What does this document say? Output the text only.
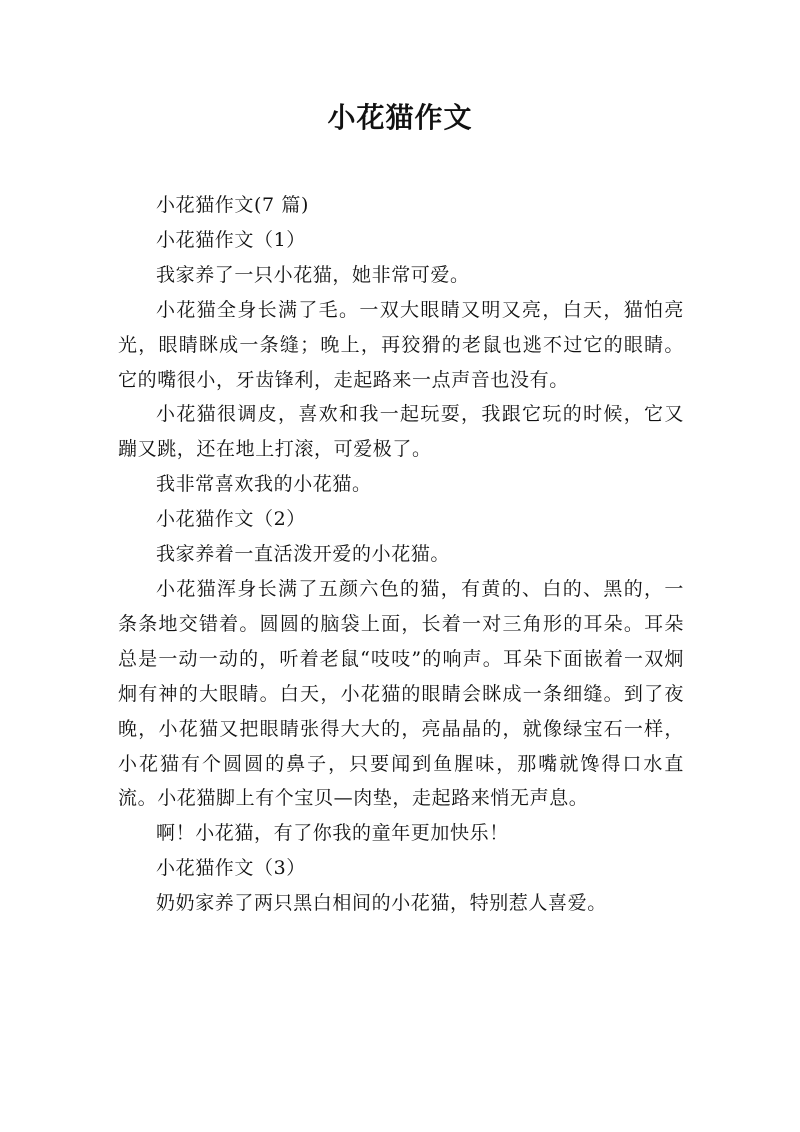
小花猫作文

小花猫作文(7 篇)

小花猫作文（1）

我家养了一只小花猫，她非常可爱。

小花猫全身长满了毛。一双大眼睛又明又亮，白天，猫怕亮光，眼睛眯成一条缝；晚上，再狡猾的老鼠也逃不过它的眼睛。它的嘴很小，牙齿锋利，走起路来一点声音也没有。

小花猫很调皮，喜欢和我一起玩耍，我跟它玩的时候，它又蹦又跳，还在地上打滚，可爱极了。

我非常喜欢我的小花猫。

小花猫作文（2）

我家养着一直活泼开爱的小花猫。

小花猫浑身长满了五颜六色的猫，有黄的、白的、黑的，一条条地交错着。圆圆的脑袋上面，长着一对三角形的耳朵。耳朵总是一动一动的，听着老鼠“吱吱”的响声。耳朵下面嵌着一双炯炯有神的大眼睛。白天，小花猫的眼睛会眯成一条细缝。到了夜晚，小花猫又把眼睛张得大大的，亮晶晶的，就像绿宝石一样，小花猫有个圆圆的鼻子，只要闻到鱼腥味，那嘴就馋得口水直流。小花猫脚上有个宝贝—肉垫，走起路来悄无声息。

啊！小花猫，有了你我的童年更加快乐！

小花猫作文（3）

奶奶家养了两只黑白相间的小花猫，特别惹人喜爱。
